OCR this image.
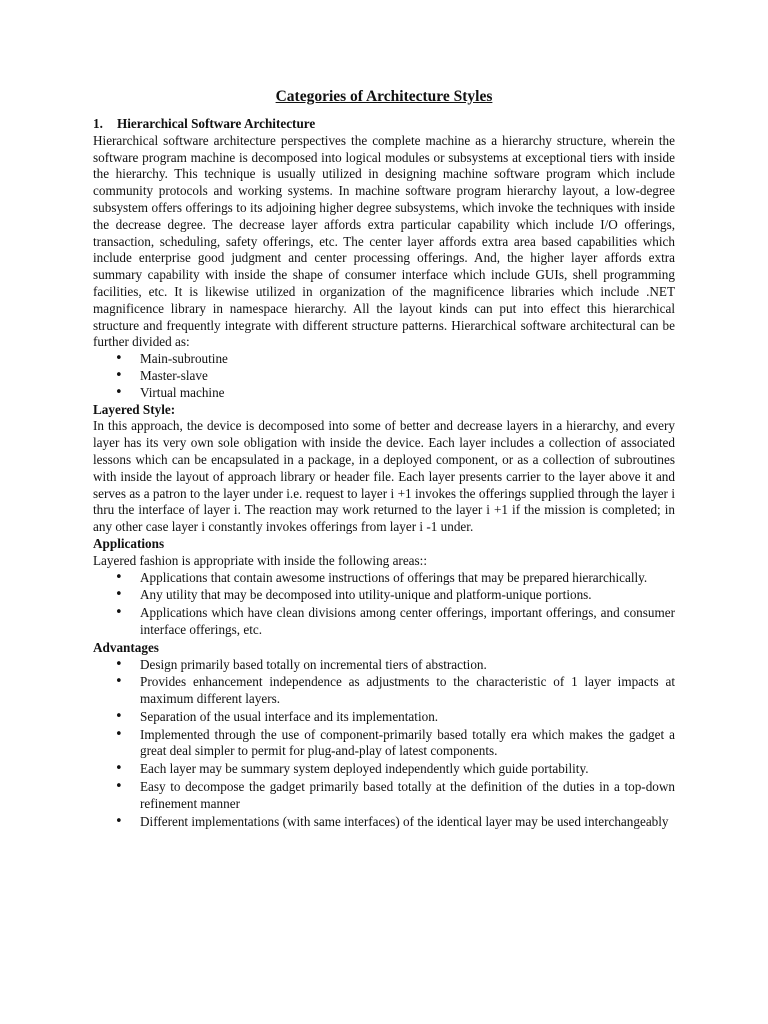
Categories of Architecture Styles
1. Hierarchical Software Architecture

Hierarchical software architecture perspectives the complete machine as a hierarchy structure, wherein the software program machine is decomposed into logical modules or subsystems at exceptional tiers with inside the hierarchy. This technique is usually utilized in designing machine software program which include community protocols and working systems. In machine software program hierarchy layout, a low-degree subsystem offers offerings to its adjoining higher degree subsystems, which invoke the techniques with inside the decrease degree. The decrease layer affords extra particular capability which include I/O offerings, transaction, scheduling, safety offerings, etc. The center layer affords extra area based capabilities which include enterprise good judgment and center processing offerings. And, the higher layer affords extra summary capability with inside the shape of consumer interface which include GUIs, shell programming facilities, etc. It is likewise utilized in organization of the magnificence libraries which include .NET magnificence library in namespace hierarchy. All the layout kinds can put into effect this hierarchical structure and frequently integrate with different structure patterns. Hierarchical software architectural can be further divided as:

• Main-subroutine
• Master-slave
• Virtual machine
Layered Style:

In this approach, the device is decomposed into some of better and decrease layers in a hierarchy, and every layer has its very own sole obligation with inside the device. Each layer includes a collection of associated lessons which can be encapsulated in a package, in a deployed component, or as a collection of subroutines with inside the layout of approach library or header file. Each layer presents carrier to the layer above it and serves as a patron to the layer under i.e. request to layer i +1 invokes the offerings supplied through the layer i thru the interface of layer i. The reaction may work returned to the layer i +1 if the mission is completed; in any other case layer i constantly invokes offerings from layer i -1 under.

Applications

Layered fashion is appropriate with inside the following areas::

• Applications that contain awesome instructions of offerings that may be prepared hierarchically.
• Any utility that may be decomposed into utility-unique and platform-unique portions.
• Applications which have clean divisions among center offerings, important offerings, and consumer interface offerings, etc.
Advantages
• Design primarily based totally on incremental tiers of abstraction.
• Provides enhancement independence as adjustments to the characteristic of 1 layer impacts at maximum different layers.
• Separation of the usual interface and its implementation.
• Implemented through the use of component-primarily based totally era which makes the gadget a great deal simpler to permit for plug-and-play of latest components.
• Each layer may be summary system deployed independently which guide portability.
• Easy to decompose the gadget primarily based totally at the definition of the duties in a top-down refinement manner
• Different implementations (with same interfaces) of the identical layer may be used interchangeably
